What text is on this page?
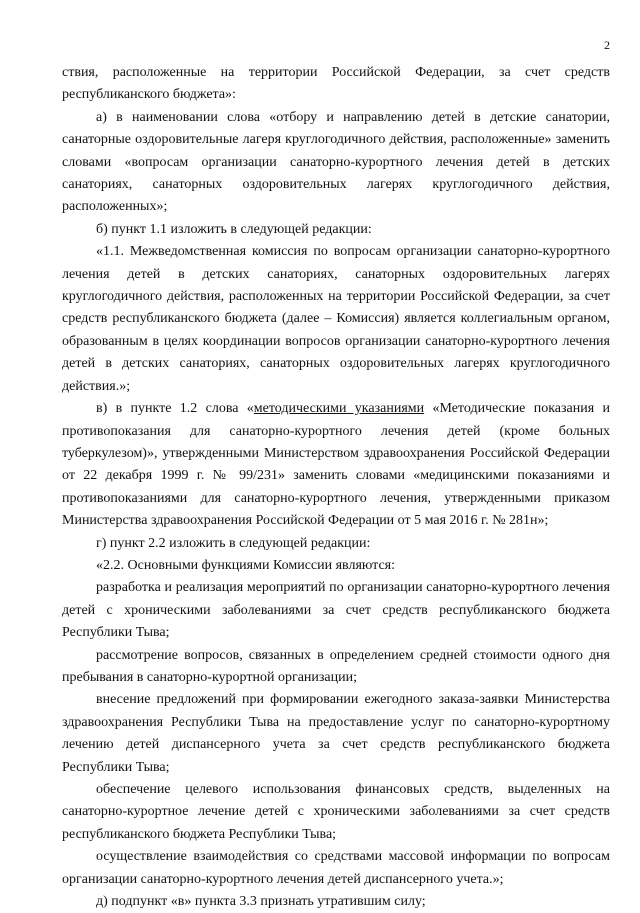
2

ствия, расположенные на территории Российской Федерации, за счет средств республиканского бюджета»:

а) в наименовании слова «отбору и направлению детей в детские санатории, санаторные оздоровительные лагеря круглогодичного действия, расположенные» заменить словами «вопросам организации санаторно-курортного лечения детей в детских санаториях, санаторных оздоровительных лагерях круглогодичного действия, расположенных»;

б) пункт 1.1 изложить в следующей редакции:

«1.1. Межведомственная комиссия по вопросам организации санаторно-курортного лечения детей в детских санаториях, санаторных оздоровительных лагерях круглогодичного действия, расположенных на территории Российской Федерации, за счет средств республиканского бюджета (далее – Комиссия) является коллегиальным органом, образованным в целях координации вопросов организации санаторно-курортного лечения детей в детских санаториях, санаторных оздоровительных лагерях круглогодичного действия.»;

в) в пункте 1.2 слова «методическими указаниями «Методические показания и противопоказания для санаторно-курортного лечения детей (кроме больных туберкулезом)», утвержденными Министерством здравоохранения Российской Федерации от 22 декабря 1999 г. № 99/231» заменить словами «медицинскими показаниями и противопоказаниями для санаторно-курортного лечения, утвержденными приказом Министерства здравоохранения Российской Федерации от 5 мая 2016 г. № 281н»;

г) пункт 2.2 изложить в следующей редакции:

«2.2. Основными функциями Комиссии являются:

разработка и реализация мероприятий по организации санаторно-курортного лечения детей с хроническими заболеваниями за счет средств республиканского бюджета Республики Тыва;

рассмотрение вопросов, связанных в определением средней стоимости одного дня пребывания в санаторно-курортной организации;

внесение предложений при формировании ежегодного заказа-заявки Министерства здравоохранения Республики Тыва на предоставление услуг по санаторно-курортному лечению детей диспансерного учета за счет средств республиканского бюджета Республики Тыва;

обеспечение целевого использования финансовых средств, выделенных на санаторно-курортное лечение детей с хроническими заболеваниями за счет средств республиканского бюджета Республики Тыва;

осуществление взаимодействия со средствами массовой информации по вопросам организации санаторно-курортного лечения детей диспансерного учета.»;

д) подпункт «в» пункта 3.3 признать утратившим силу;
